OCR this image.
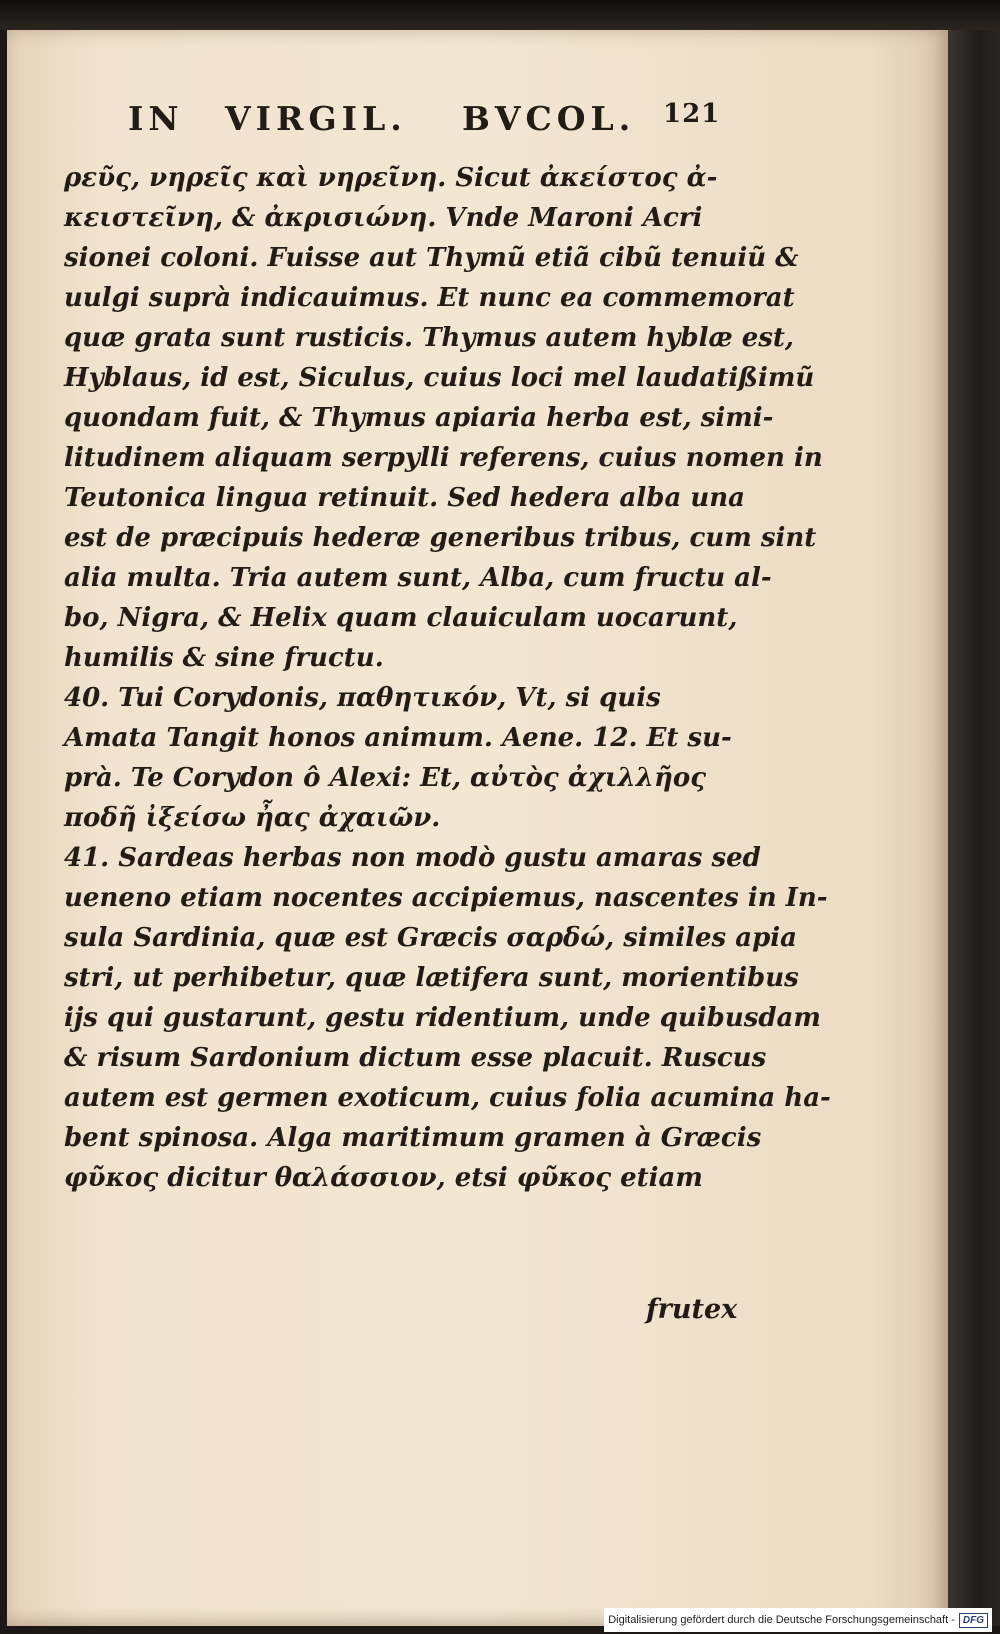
IN VIRGIL. BVCOL. 121
ρεῦς, νηρεῖς καὶ νηρεῖνη. Sicut ἀκείστος ἀ-
κειστεῖνη, & ἀκρισιώνη. Vnde Maroni Acri
sionei coloni. Fuisse aut Thymũ etiã cibũ tenuiũ &
uulgi suprà indicauimus. Et nunc ea commemorat
quæ grata sunt rusticis. Thymus autem hyblæ est,
Hyblaus, id est, Siculus, cuius loci mel laudatißimũ
quondam fuit, & Thymus apiaria herba est, simi-
litudinem aliquam serpylli referens, cuius nomen in
Teutonica lingua retinuit. Sed hedera alba una
est de præcipuis hederæ generibus tribus, cum sint
alia multa. Tria autem sunt, Alba, cum fructu al-
bo, Nigra, & Helix quam clauiculam uocarunt,
humilis & sine fructu.
40. Tui Corydonis, παθητικόν, Vt, si quis
Amata Tangit honos animum. Aene. 12. Et su-
prà. Te Corydon ô Alexi: Et, αὐτὸς ἀχιλλῆος
ποδῆ ἰξείσω ἦας ἀχαιῶν.
41. Sardeas herbas non modò gustu amaras sed
ueneno etiam nocentes accipiemus, nascentes in In-
sula Sardinia, quæ est Græcis σαρδώ, similes apia
stri, ut perhibetur, quæ lætifera sunt, morientibus
ijs qui gustarunt, gestu ridentium, unde quibusdam
& risum Sardonium dictum esse placuit. Ruscus
autem est germen exoticum, cuius folia acumina ha-
bent spinosa. Alga maritimum gramen à Græcis
φῦκος dicitur θαλάσσιον, etsi φῦκος etiam
frutex
Digitalisierung gefördert durch die Deutsche Forschungsgemeinschaft - DFG
